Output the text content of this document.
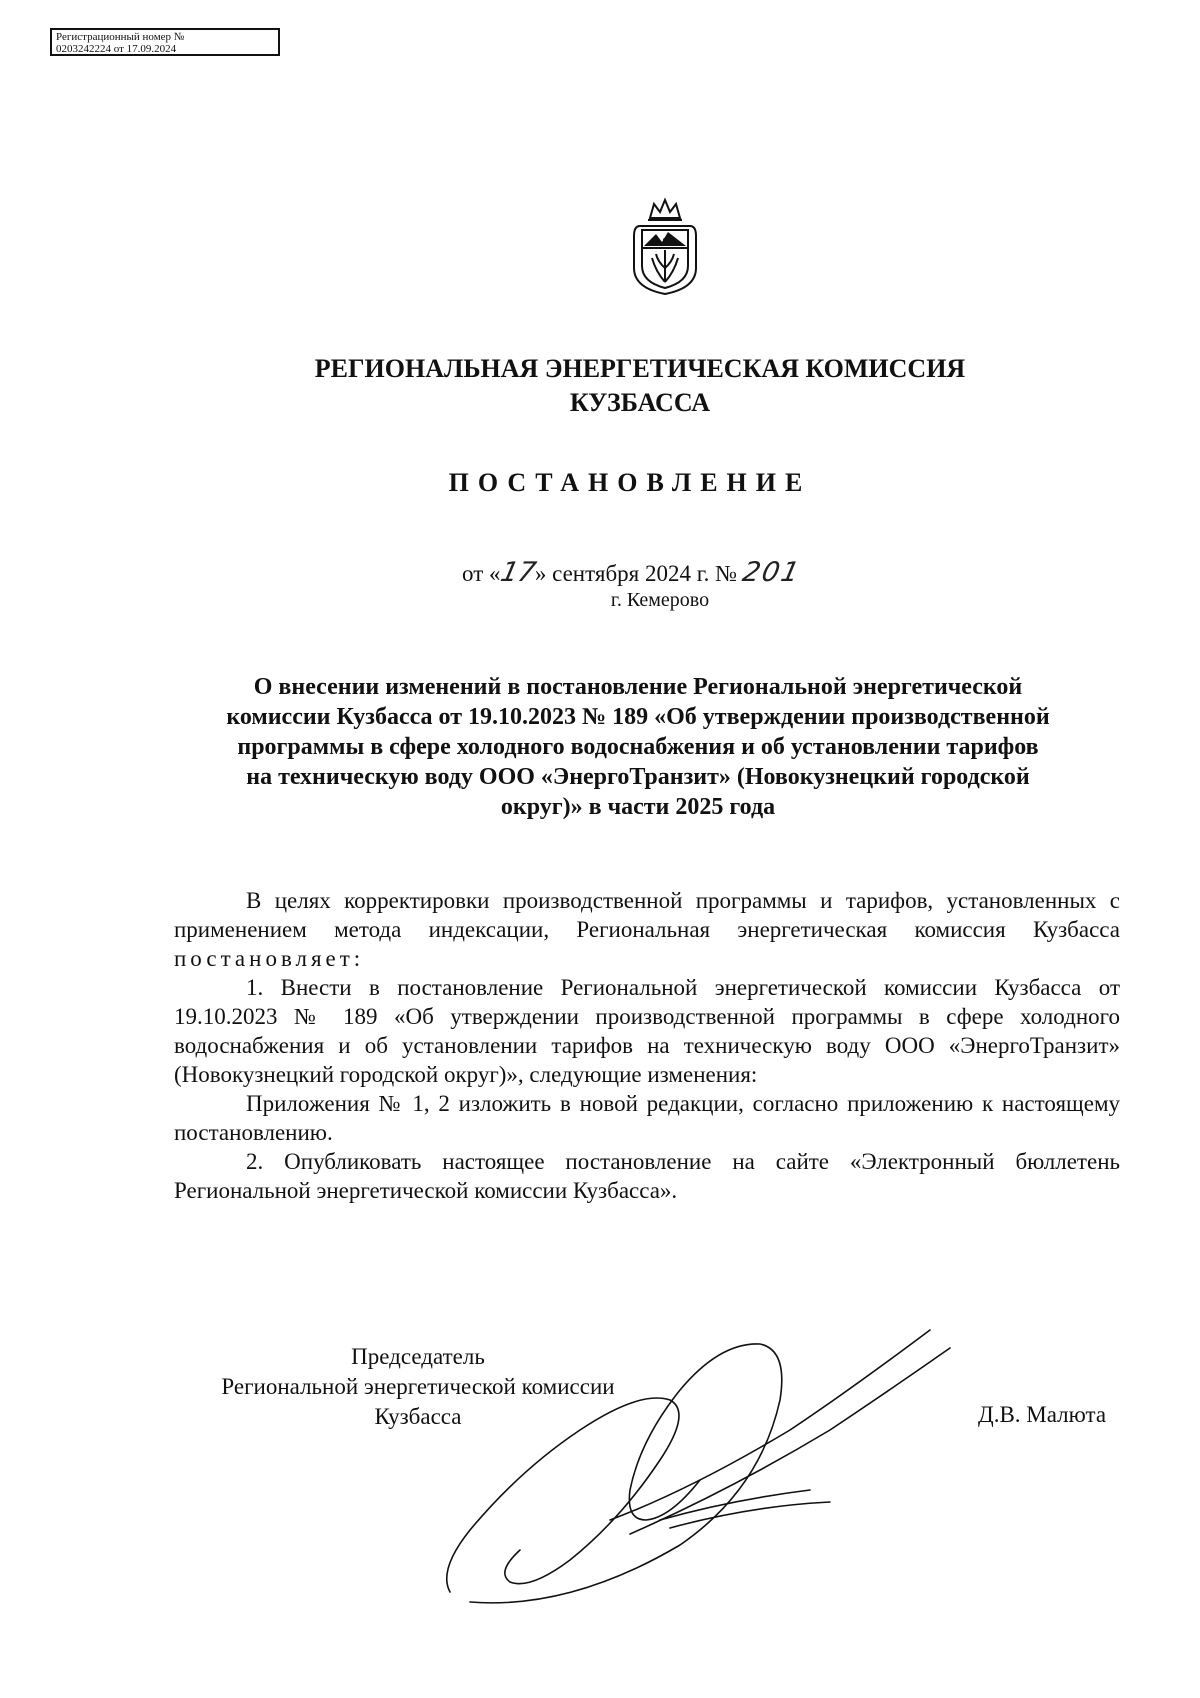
Регистрационный номер №
0203242224 от 17.09.2024
РЕГИОНАЛЬНАЯ ЭНЕРГЕТИЧЕСКАЯ КОМИССИЯ
КУЗБАССА
ПОСТАНОВЛЕНИЕ
от «17» сентября 2024 г. № 201
г. Кемерово
О внесении изменений в постановление Региональной энергетической
комиссии Кузбасса от 19.10.2023 № 189 «Об утверждении производственной
программы в сфере холодного водоснабжения и об установлении тарифов
на техническую воду ООО «ЭнергоТранзит» (Новокузнецкий городской
округ)» в части 2025 года
В целях корректировки производственной программы и тарифов, установленных с применением метода индексации, Региональная энергетическая комиссия Кузбасса постановляет:
1. Внести в постановление Региональной энергетической комиссии Кузбасса от 19.10.2023 № 189 «Об утверждении производственной программы в сфере холодного водоснабжения и об установлении тарифов на техническую воду ООО «ЭнергоТранзит» (Новокузнецкий городской округ)», следующие изменения:
Приложения № 1, 2 изложить в новой редакции, согласно приложению к настоящему постановлению.
2. Опубликовать настоящее постановление на сайте «Электронный бюллетень Региональной энергетической комиссии Кузбасса».
Председатель
Региональной энергетической комиссии
Кузбасса	Д.В. Малюта
